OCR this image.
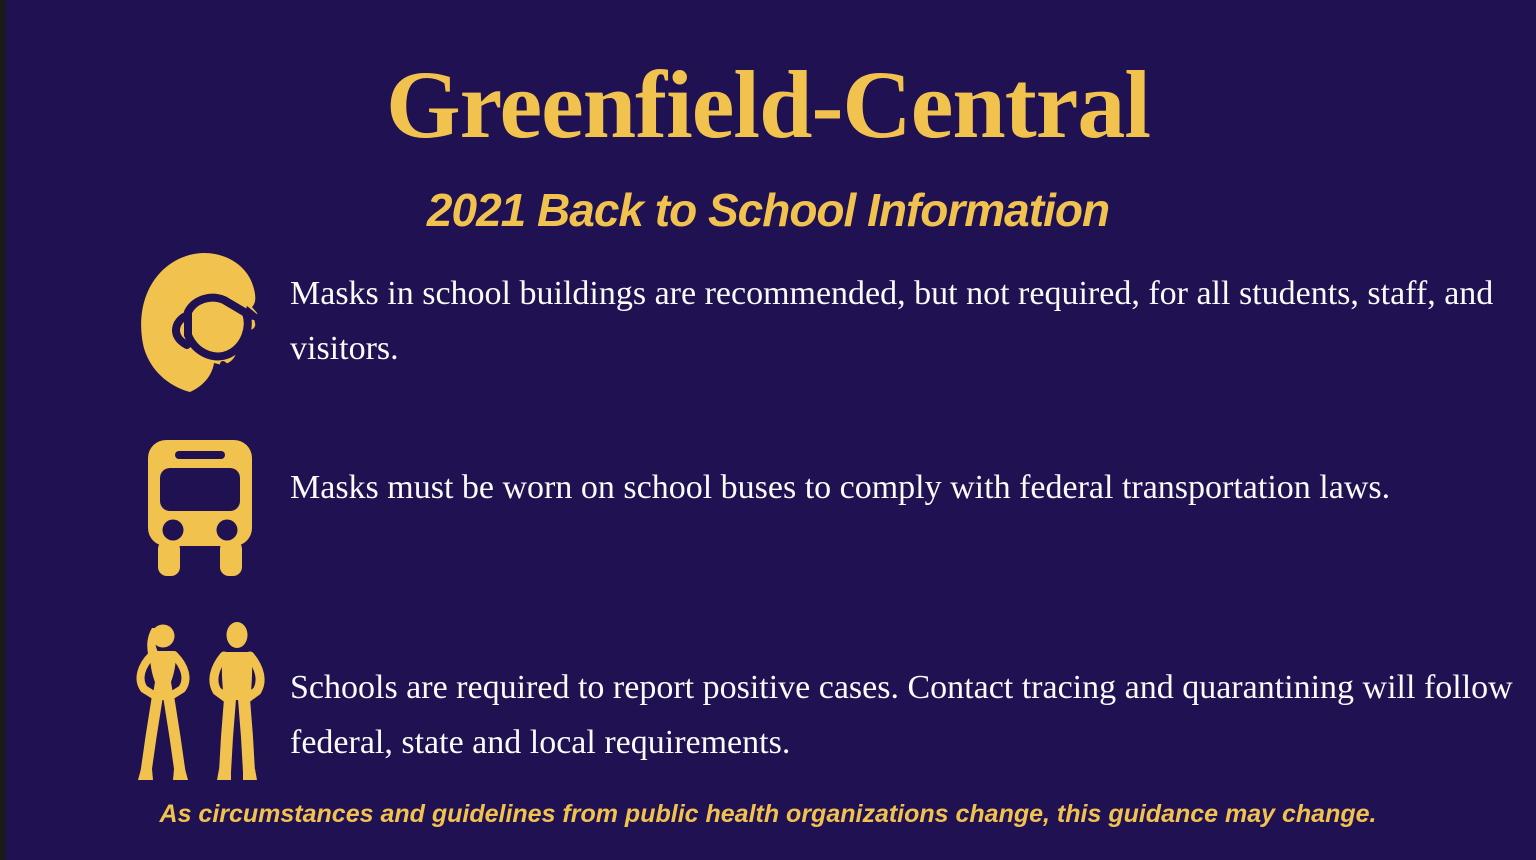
Greenfield-Central
2021 Back to School Information
Masks in school buildings are recommended, but not required, for all students, staff, and visitors.
Masks must be worn on school buses to comply with federal transportation laws.
Schools are required to report positive cases. Contact tracing and quarantining will follow federal, state and local requirements.
As circumstances and guidelines from public health organizations change, this guidance may change.
